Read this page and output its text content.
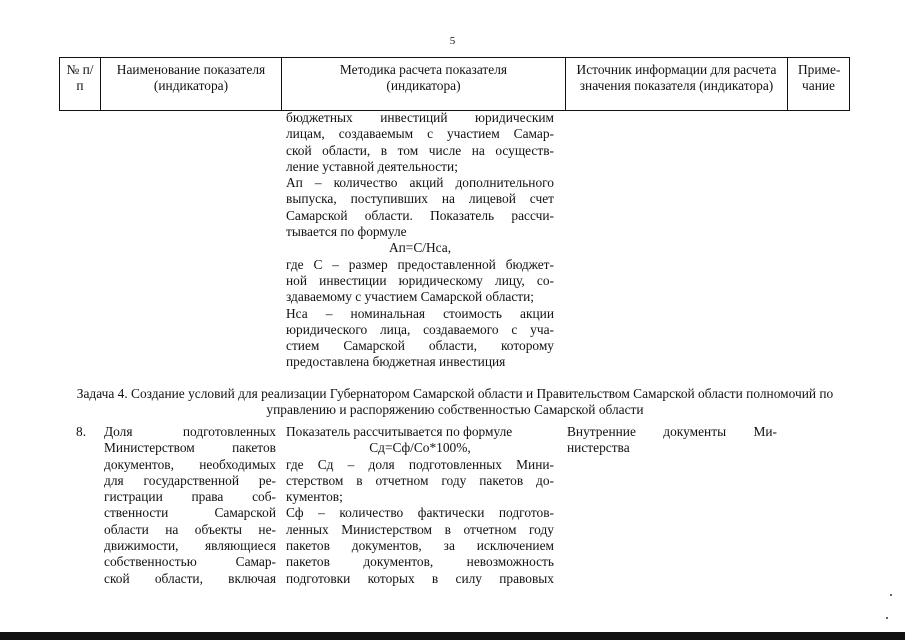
5
№ п/п
Наименование показателя (индикатора)
Методика расчета показателя (индикатора)
Источник информации для расчета значения показателя (индикатора)
Приме-чание
бюджетных инвестиций юридическим
лицам, создаваемым с участием Самар-
ской области, в том числе на осуществ-
ление уставной деятельности;
Ап – количество акций дополнительного
выпуска, поступивших на лицевой счет
Самарской области. Показатель рассчи-
тывается по формуле
Ап=С/Нса,
где С – размер предоставленной бюджет-
ной инвестиции юридическому лицу, со-
здаваемому с участием Самарской области;
Нса – номинальная стоимость акции
юридического лица, создаваемого с уча-
стием Самарской области, которому
предоставлена бюджетная инвестиция
Задача 4. Создание условий для реализации Губернатором Самарской области и Правительством Самарской области полномочий по управлению и распоряжению собственностью Самарской области
8. Доля подготовленных
Министерством пакетов
документов, необходимых
для государственной ре-
гистрации права соб-
ственности Самарской
области на объекты не-
движимости, являющиеся
собственностью Самар-
ской области, включая
Показатель рассчитывается по формуле
Сд=Сф/Со*100%,
где Сд – доля подготовленных Мини-
стерством в отчетном году пакетов до-
кументов;
Сф – количество фактически подготов-
ленных Министерством в отчетном году
пакетов документов, за исключением
пакетов документов, невозможность
подготовки которых в силу правовых
Внутренние документы Ми-
нистерства
